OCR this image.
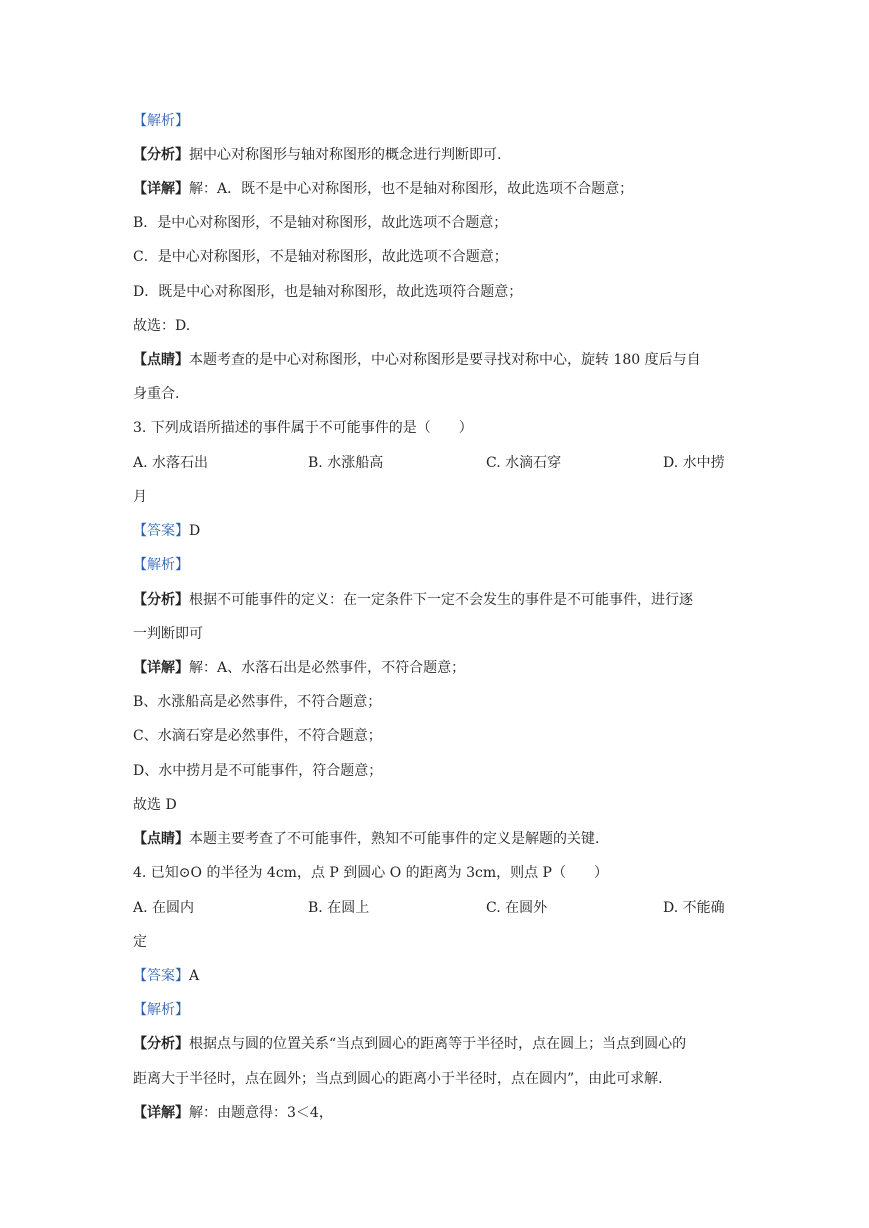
【解析】
【分析】据中心对称图形与轴对称图形的概念进行判断即可.
【详解】解：A．既不是中心对称图形，也不是轴对称图形，故此选项不合题意；
B．是中心对称图形，不是轴对称图形，故此选项不合题意；
C．是中心对称图形，不是轴对称图形，故此选项不合题意；
D．既是中心对称图形，也是轴对称图形，故此选项符合题意；
故选：D.
【点睛】本题考查的是中心对称图形，中心对称图形是要寻找对称中心，旋转 180 度后与自
身重合.
3. 下列成语所描述的事件属于不可能事件的是（　　）
A. 水落石出	B. 水涨船高	C. 水滴石穿	D. 水中捞
月
【答案】D
【解析】
【分析】根据不可能事件的定义：在一定条件下一定不会发生的事件是不可能事件，进行逐
一判断即可
【详解】解：A、水落石出是必然事件，不符合题意；
B、水涨船高是必然事件，不符合题意；
C、水滴石穿是必然事件，不符合题意；
D、水中捞月是不可能事件，符合题意；
故选 D
【点睛】本题主要考查了不可能事件，熟知不可能事件的定义是解题的关键.
4. 已知⊙O 的半径为 4cm，点 P 到圆心 O 的距离为 3cm，则点 P（　　）
A. 在圆内	B. 在圆上	C. 在圆外	D. 不能确
定
【答案】A
【解析】
【分析】根据点与圆的位置关系“当点到圆心的距离等于半径时，点在圆上；当点到圆心的
距离大于半径时，点在圆外；当点到圆心的距离小于半径时，点在圆内”，由此可求解.
【详解】解：由题意得：3＜4，
